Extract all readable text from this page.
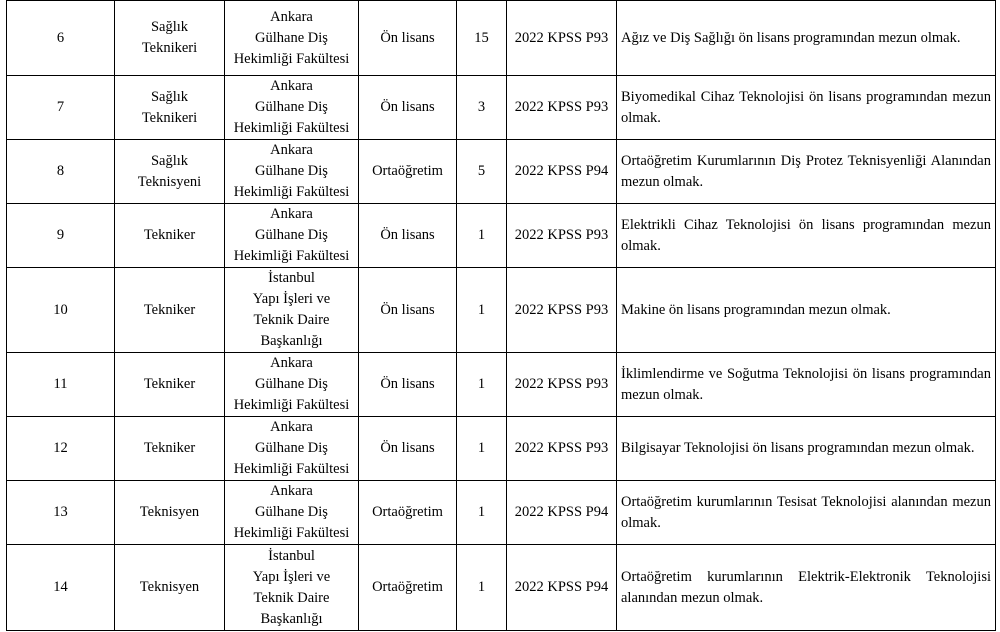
6	Sağlık
Teknikeri	Ankara
Gülhane Diş
Hekimliği Fakültesi	Ön lisans	15	2022 KPSS P93	Ağız ve Diş Sağlığı ön lisans programından mezun olmak.
7	Sağlık
Teknikeri	Ankara
Gülhane Diş
Hekimliği Fakültesi	Ön lisans	3	2022 KPSS P93	Biyomedikal Cihaz Teknolojisi ön lisans programından mezun olmak.
8	Sağlık
Teknisyeni	Ankara
Gülhane Diş
Hekimliği Fakültesi	Ortaöğretim	5	2022 KPSS P94	Ortaöğretim Kurumlarının Diş Protez Teknisyenliği Alanından mezun olmak.
9	Tekniker	Ankara
Gülhane Diş
Hekimliği Fakültesi	Ön lisans	1	2022 KPSS P93	Elektrikli Cihaz Teknolojisi ön lisans programından mezun olmak.
10	Tekniker	İstanbul
Yapı İşleri ve
Teknik Daire
Başkanlığı	Ön lisans	1	2022 KPSS P93	Makine ön lisans programından mezun olmak.
11	Tekniker	Ankara
Gülhane Diş
Hekimliği Fakültesi	Ön lisans	1	2022 KPSS P93	İklimlendirme ve Soğutma Teknolojisi ön lisans programından mezun olmak.
12	Tekniker	Ankara
Gülhane Diş
Hekimliği Fakültesi	Ön lisans	1	2022 KPSS P93	Bilgisayar Teknolojisi ön lisans programından mezun olmak.
13	Teknisyen	Ankara
Gülhane Diş
Hekimliği Fakültesi	Ortaöğretim	1	2022 KPSS P94	Ortaöğretim kurumlarının Tesisat Teknolojisi alanından mezun olmak.
14	Teknisyen	İstanbul
Yapı İşleri ve
Teknik Daire
Başkanlığı	Ortaöğretim	1	2022 KPSS P94	Ortaöğretim kurumlarının Elektrik-Elektronik Teknolojisi alanından mezun olmak.
